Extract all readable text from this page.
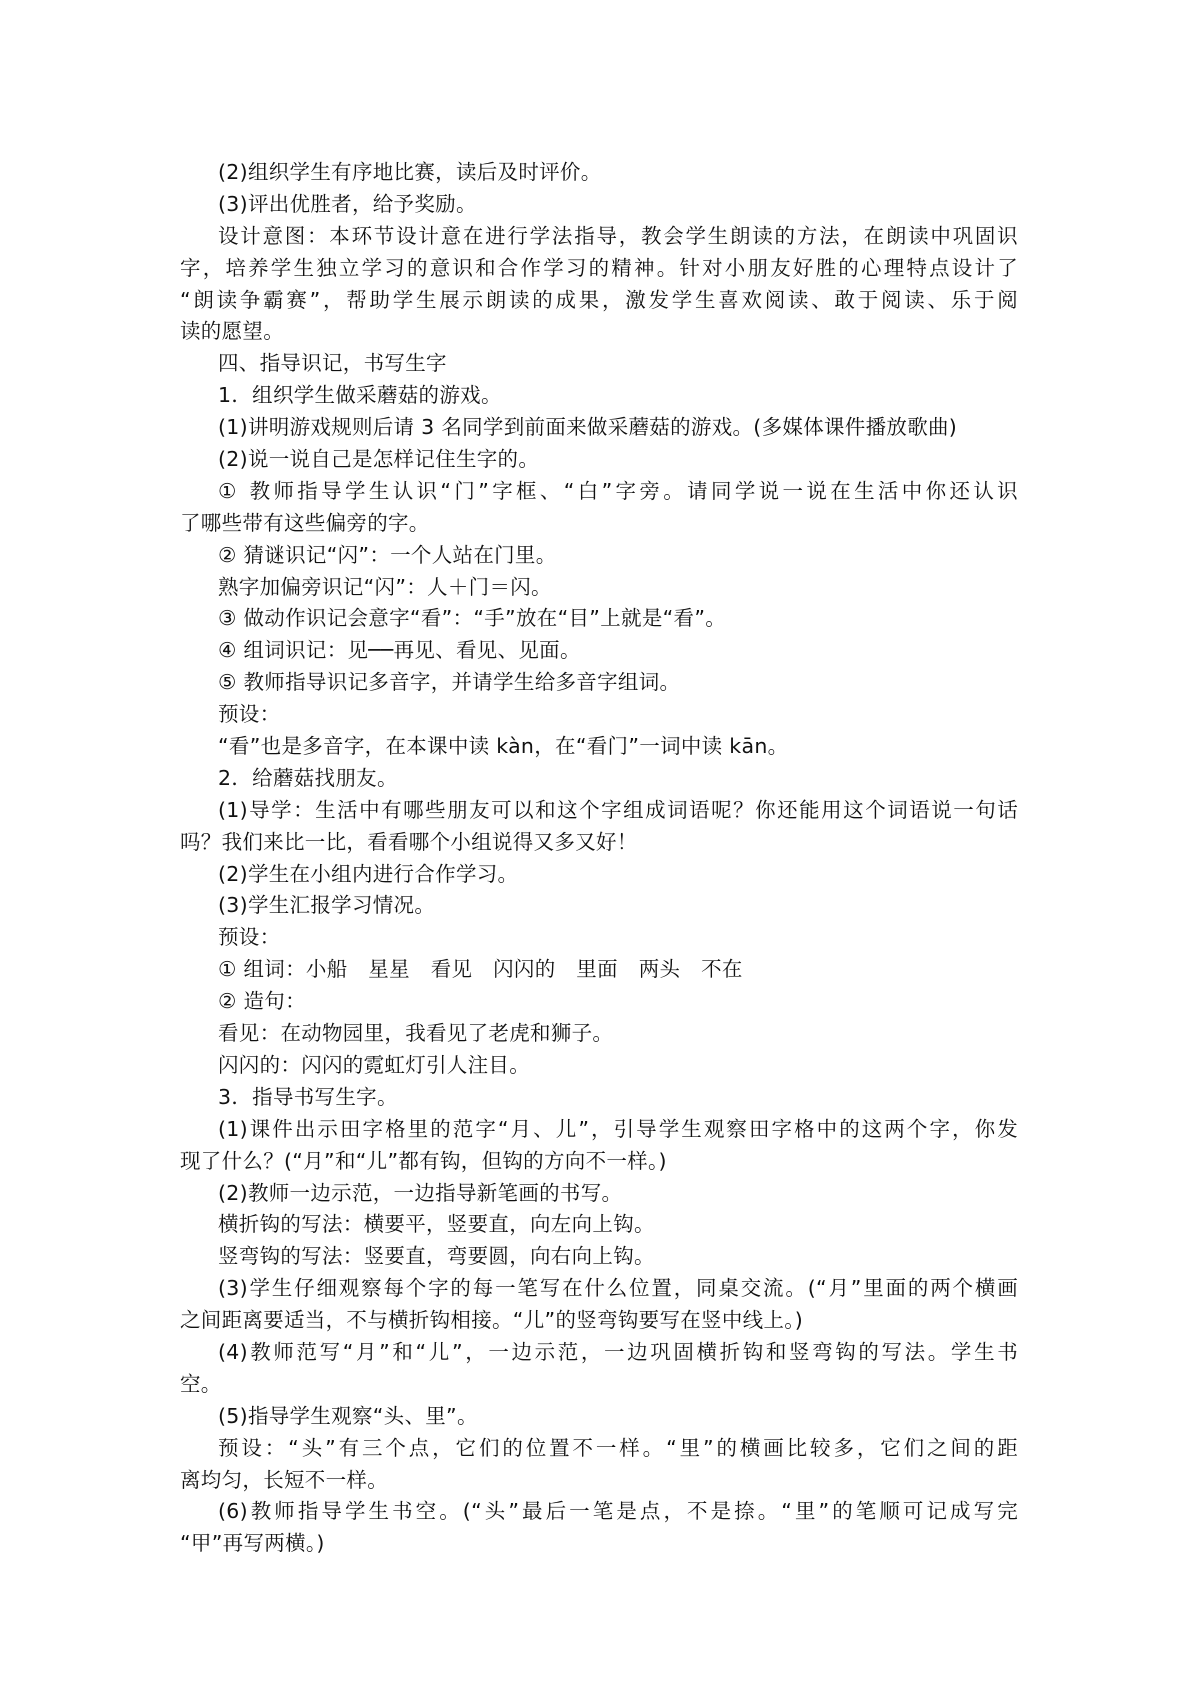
(2)组织学生有序地比赛，读后及时评价。
(3)评出优胜者，给予奖励。
设计意图：本环节设计意在进行学法指导，教会学生朗读的方法，在朗读中巩固识
字，培养学生独立学习的意识和合作学习的精神。针对小朋友好胜的心理特点设计了
“朗读争霸赛”，帮助学生展示朗读的成果，激发学生喜欢阅读、敢于阅读、乐于阅
读的愿望。
四、指导识记，书写生字
1．组织学生做采蘑菇的游戏。
(1)讲明游戏规则后请 3 名同学到前面来做采蘑菇的游戏。(多媒体课件播放歌曲)
(2)说一说自己是怎样记住生字的。
① 教师指导学生认识“门”字框、“白”字旁。请同学说一说在生活中你还认识
了哪些带有这些偏旁的字。
② 猜谜识记“闪”：一个人站在门里。
熟字加偏旁识记“闪”：人＋门＝闪。
③ 做动作识记会意字“看”：“手”放在“目”上就是“看”。
④ 组词识记：见──再见、看见、见面。
⑤ 教师指导识记多音字，并请学生给多音字组词。
预设：
“看”也是多音字，在本课中读 kàn，在“看门”一词中读 kān。
2．给蘑菇找朋友。
(1)导学：生活中有哪些朋友可以和这个字组成词语呢？你还能用这个词语说一句话
吗？我们来比一比，看看哪个小组说得又多又好！
(2)学生在小组内进行合作学习。
(3)学生汇报学习情况。
预设：
① 组词：小船　星星　看见　闪闪的　里面　两头　不在
② 造句：
看见：在动物园里，我看见了老虎和狮子。
闪闪的：闪闪的霓虹灯引人注目。
3．指导书写生字。
(1)课件出示田字格里的范字“月、儿”，引导学生观察田字格中的这两个字，你发
现了什么？(“月”和“儿”都有钩，但钩的方向不一样。)
(2)教师一边示范，一边指导新笔画的书写。
横折钩的写法：横要平，竖要直，向左向上钩。
竖弯钩的写法：竖要直，弯要圆，向右向上钩。
(3)学生仔细观察每个字的每一笔写在什么位置，同桌交流。(“月”里面的两个横画
之间距离要适当，不与横折钩相接。“儿”的竖弯钩要写在竖中线上。)
(4)教师范写“月”和“儿”，一边示范，一边巩固横折钩和竖弯钩的写法。学生书
空。
(5)指导学生观察“头、里”。
预设：“头”有三个点，它们的位置不一样。“里”的横画比较多，它们之间的距
离均匀，长短不一样。
(6)教师指导学生书空。(“头”最后一笔是点，不是捺。“里”的笔顺可记成写完
“甲”再写两横。)
